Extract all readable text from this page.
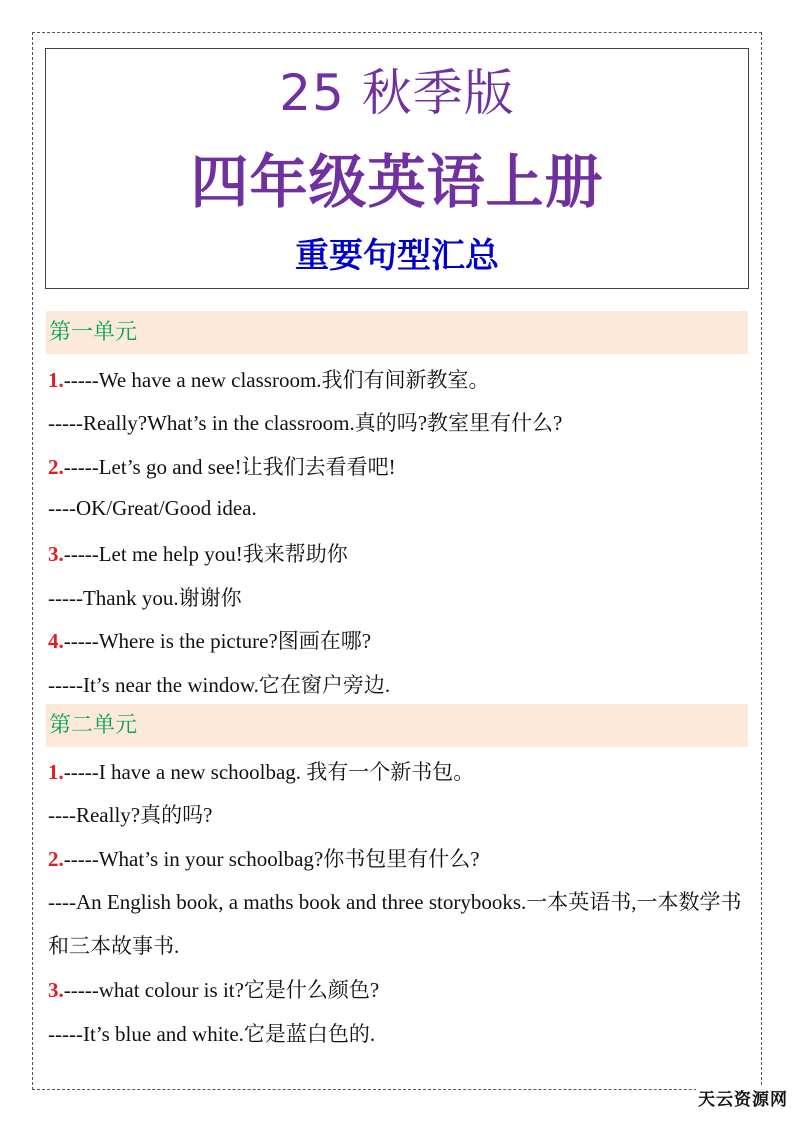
25 秋季版
四年级英语上册
重要句型汇总
第一单元
1.-----We have a new classroom.我们有间新教室。
-----Really?What’s in the classroom.真的吗?教室里有什么?
2.-----Let’s go and see!让我们去看看吧!
----OK/Great/Good idea.
3.-----Let me help you!我来帮助你
-----Thank you.谢谢你
4.-----Where is the picture?图画在哪?
-----It’s near the window.它在窗户旁边.
第二单元
1.-----I have a new schoolbag. 我有一个新书包。
----Really?真的吗?
2.-----What’s in your schoolbag?你书包里有什么?
----An English book, a maths book and three storybooks.一本英语书,一本数学书和三本故事书.
3.-----what colour is it?它是什么颜色?
-----It’s blue and white.它是蓝白色的.
天云资源网
